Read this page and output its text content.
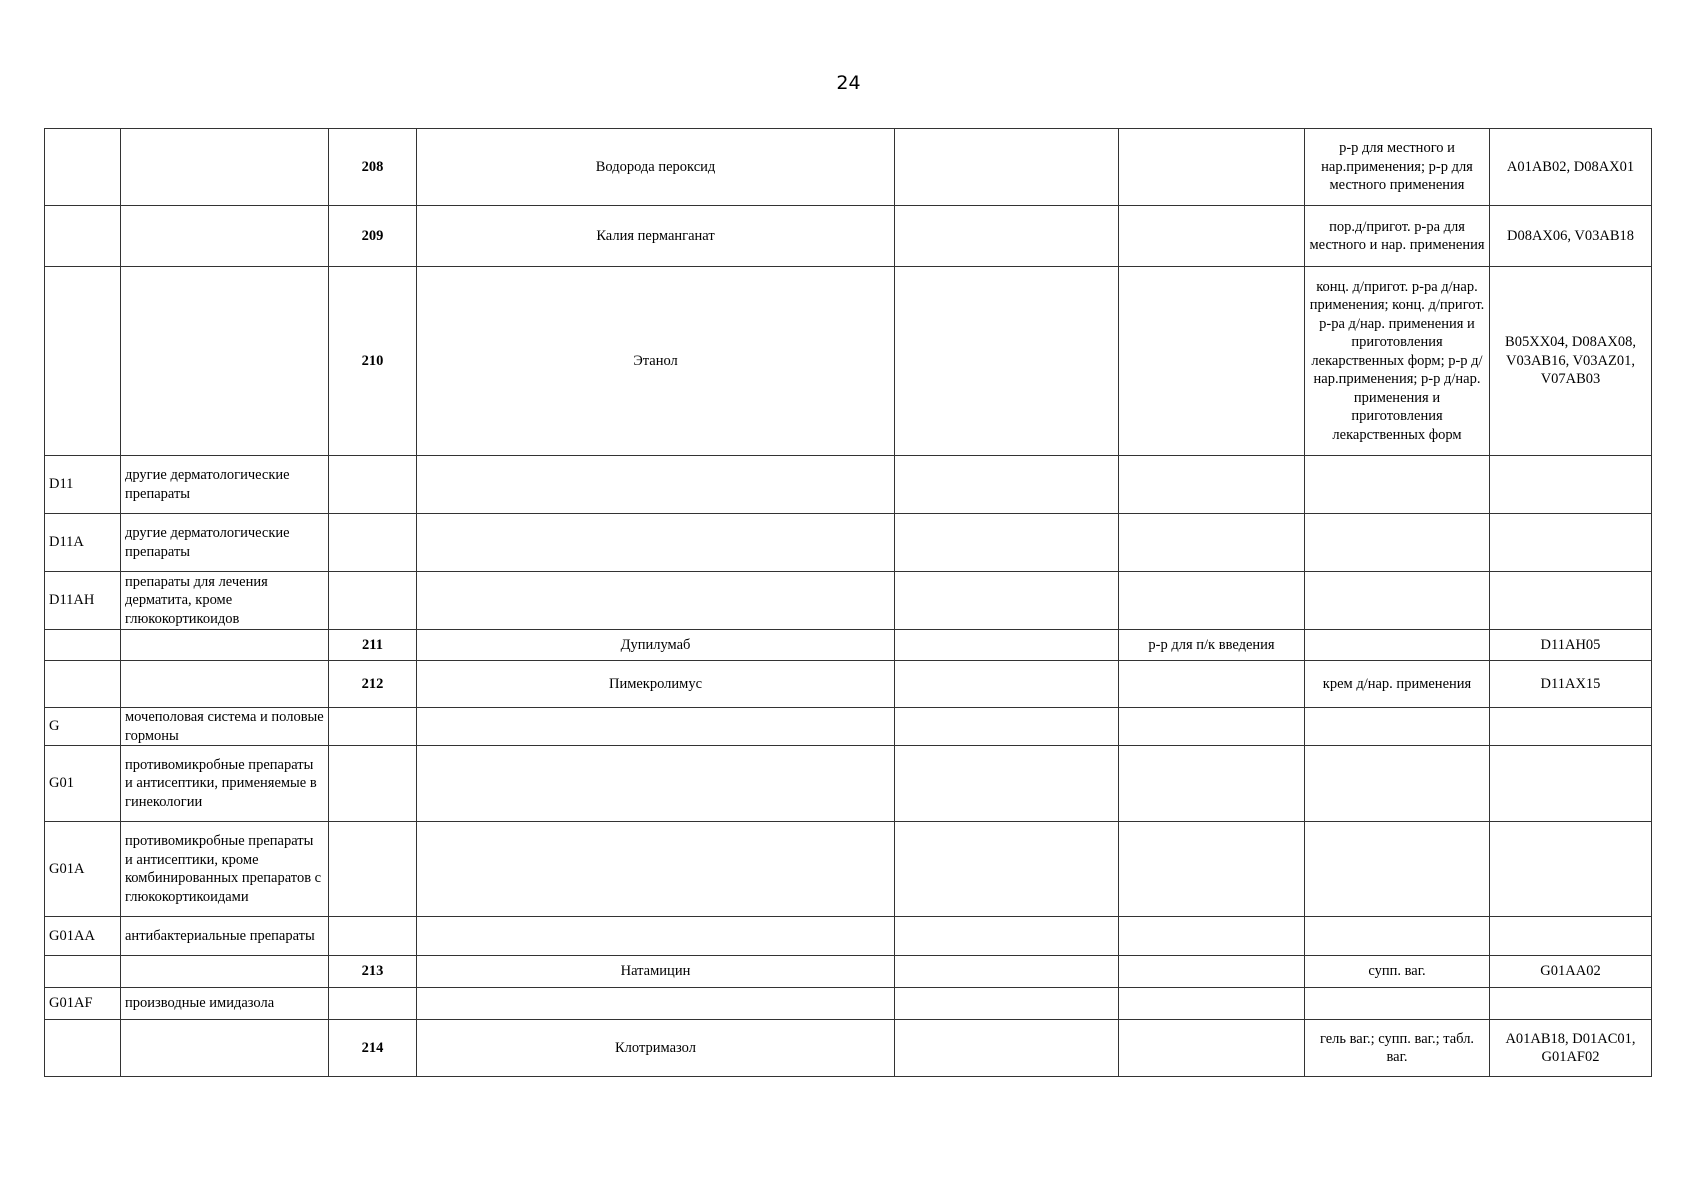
24
		208	Водорода пероксид			р-р для местного и нар.применения; р-р для местного применения	A01AB02, D08AX01
		209	Калия перманганат			пор.д/пригот. р-ра для местного и нар. применения	D08AX06, V03AB18
		210	Этанол			конц. д/пригот. р-ра д/нар. применения; конц. д/пригот. р-ра д/нар. применения и приготовления лекарственных форм; р-р д/нар.применения; р-р д/нар. применения и приготовления лекарственных форм	B05XX04, D08AX08, V03AB16, V03AZ01, V07AB03
D11	другие дерматологические препараты						
D11A	другие дерматологические препараты						
D11AH	препараты для лечения дерматита, кроме глюкокортикоидов						
		211	Дупилумаб		р-р для п/к введения		D11AH05
		212	Пимекролимус			крем д/нар. применения	D11AX15
G	мочеполовая система и половые гормоны						
G01	противомикробные препараты и антисептики, применяемые в гинекологии						
G01A	противомикробные препараты и антисептики, кроме комбинированных препаратов с глюкокортикоидами						
G01AA	антибактериальные препараты						
		213	Натамицин			супп. ваг.	G01AA02
G01AF	производные имидазола						
		214	Клотримазол			гель ваг.; супп. ваг.; табл. ваг.	A01AB18, D01AC01, G01AF02
